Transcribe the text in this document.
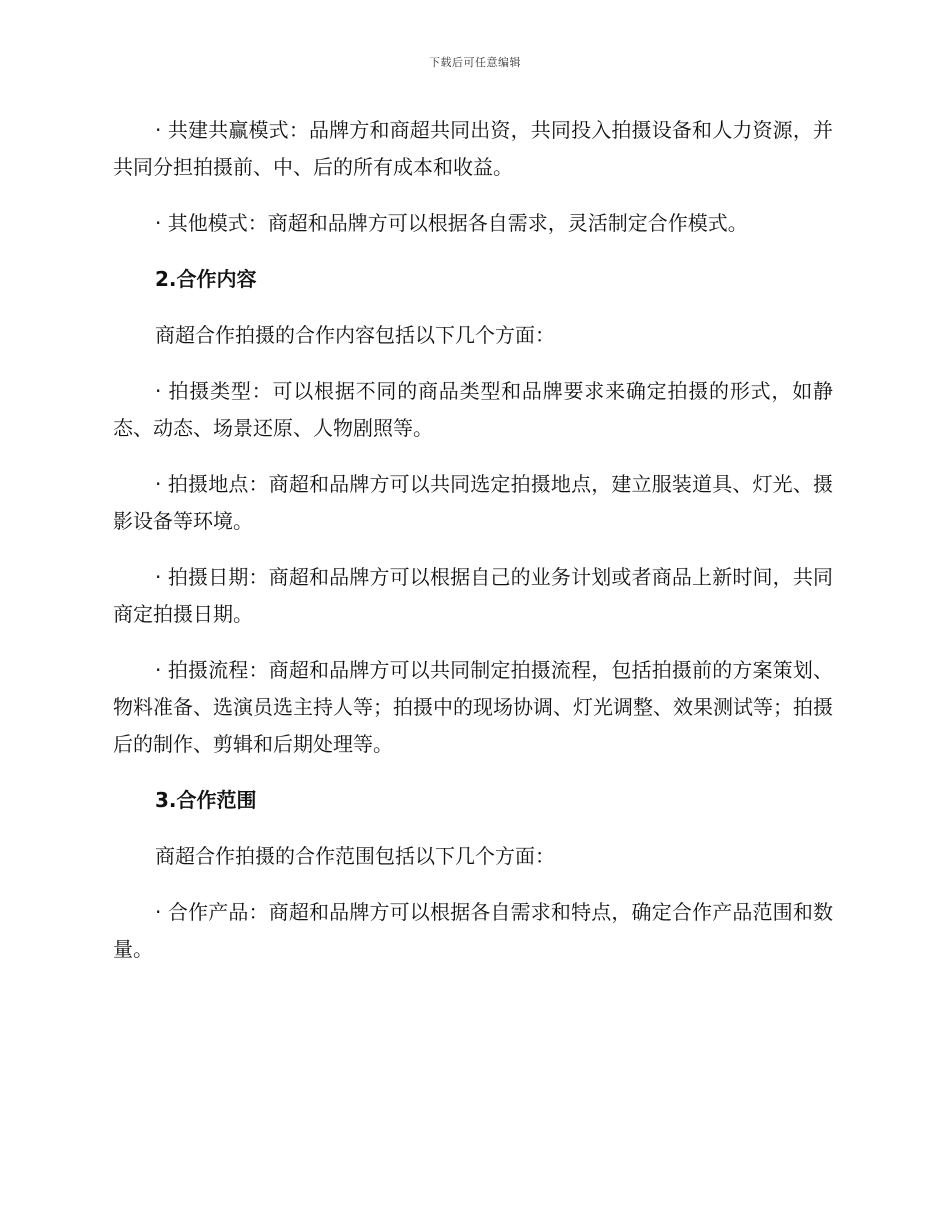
下载后可任意编辑

· 共建共赢模式：品牌方和商超共同出资，共同投入拍摄设备和人力资源，并共同分担拍摄前、中、后的所有成本和收益。

· 其他模式：商超和品牌方可以根据各自需求，灵活制定合作模式。

2.合作内容

商超合作拍摄的合作内容包括以下几个方面：

· 拍摄类型：可以根据不同的商品类型和品牌要求来确定拍摄的形式，如静态、动态、场景还原、人物剧照等。

· 拍摄地点：商超和品牌方可以共同选定拍摄地点，建立服装道具、灯光、摄影设备等环境。

· 拍摄日期：商超和品牌方可以根据自己的业务计划或者商品上新时间，共同商定拍摄日期。

· 拍摄流程：商超和品牌方可以共同制定拍摄流程，包括拍摄前的方案策划、物料准备、选演员选主持人等；拍摄中的现场协调、灯光调整、效果测试等；拍摄后的制作、剪辑和后期处理等。

3.合作范围

商超合作拍摄的合作范围包括以下几个方面：

· 合作产品：商超和品牌方可以根据各自需求和特点，确定合作产品范围和数量。
